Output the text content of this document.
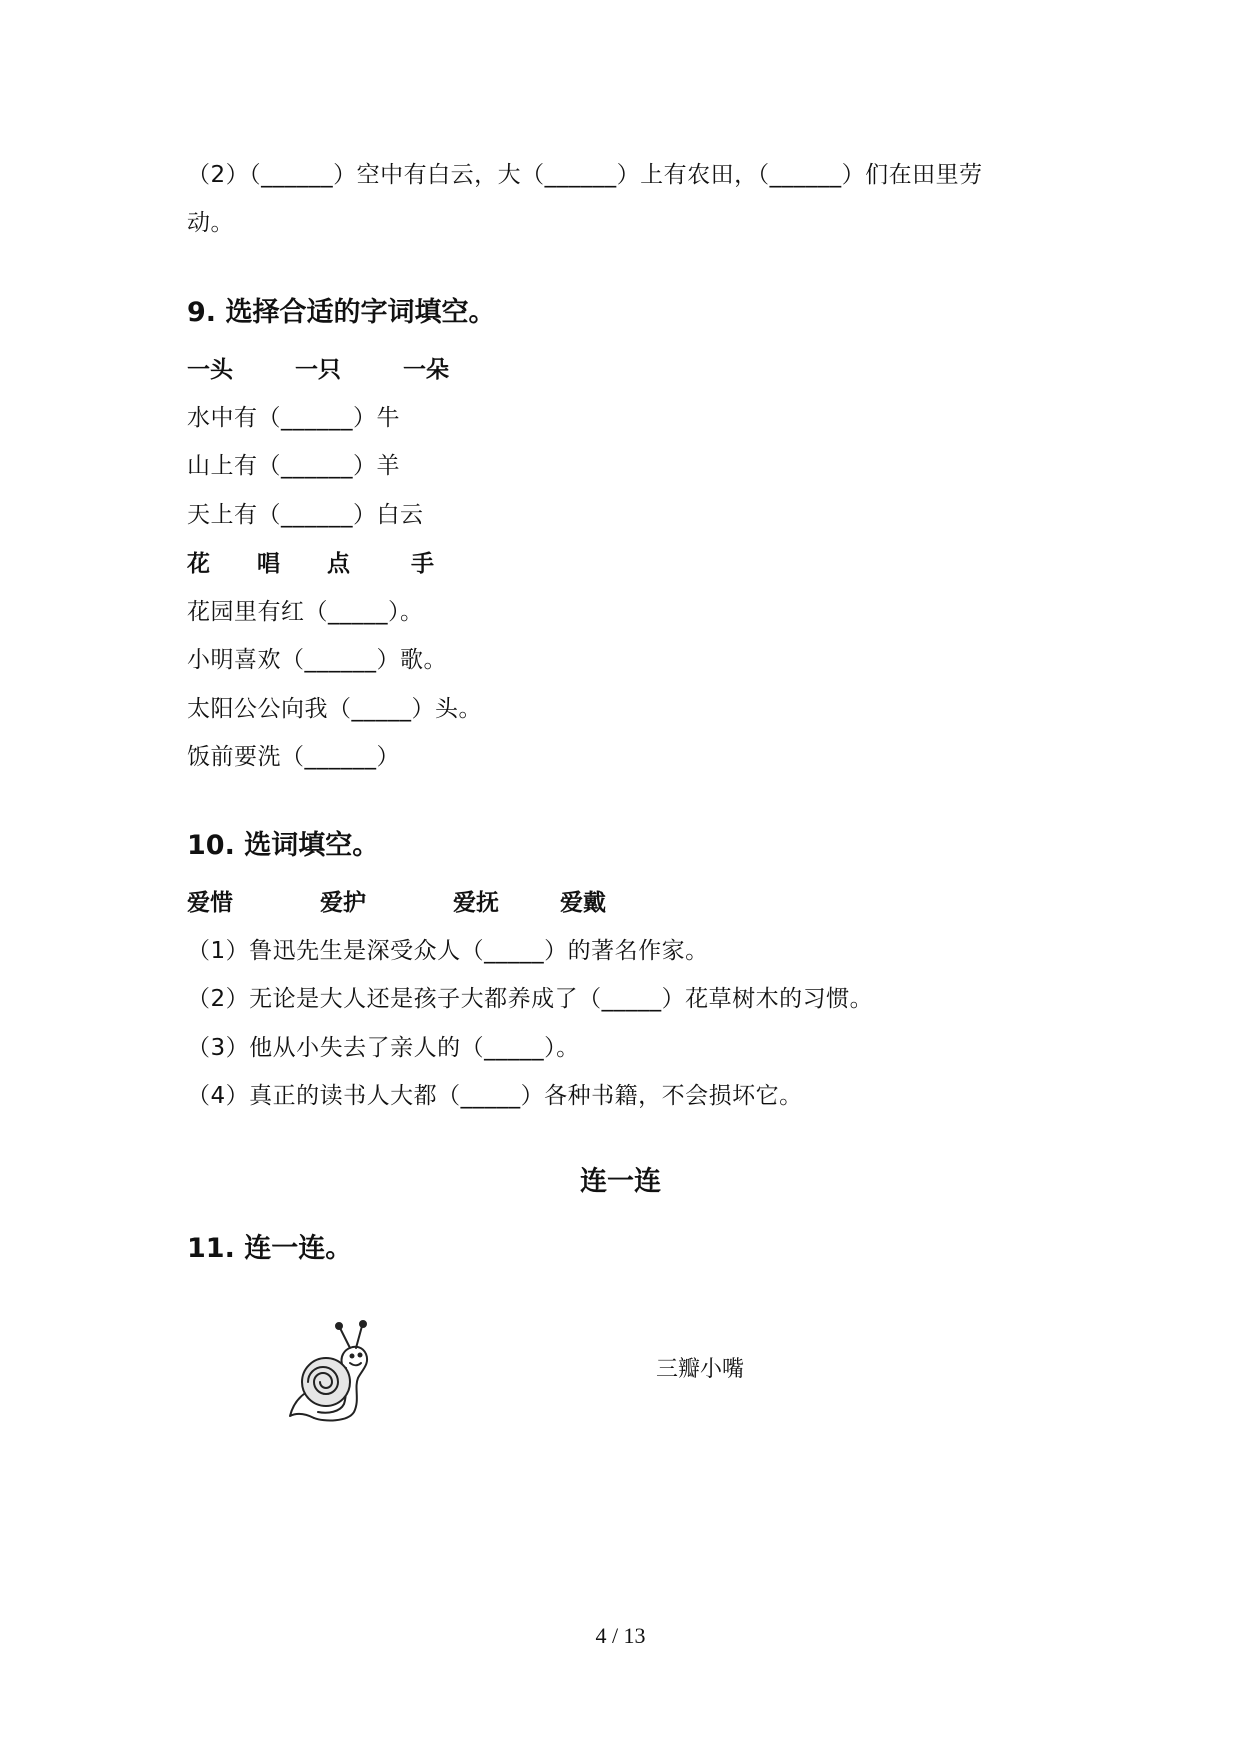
（2）（______）空中有白云，大（______）上有农田，（______）们在田里劳
动。
9. 选择合适的字词填空。
一头	一只	一朵
水中有（______）牛
山上有（______）羊
天上有（______）白云
花 唱 点	手
花园里有红（_____）。
小明喜欢（______）歌。
太阳公公向我（_____）头。
饭前要洗（______）
10. 选词填空。
爱惜	爱护	爱抚	爱戴
（1）鲁迅先生是深受众人（_____）的著名作家。
（2）无论是大人还是孩子大都养成了（_____）花草树木的习惯。
（3）他从小失去了亲人的（_____）。
（4）真正的读书人大都（_____）各种书籍，不会损坏它。
连一连
11. 连一连。
三瓣小嘴
4 / 13
